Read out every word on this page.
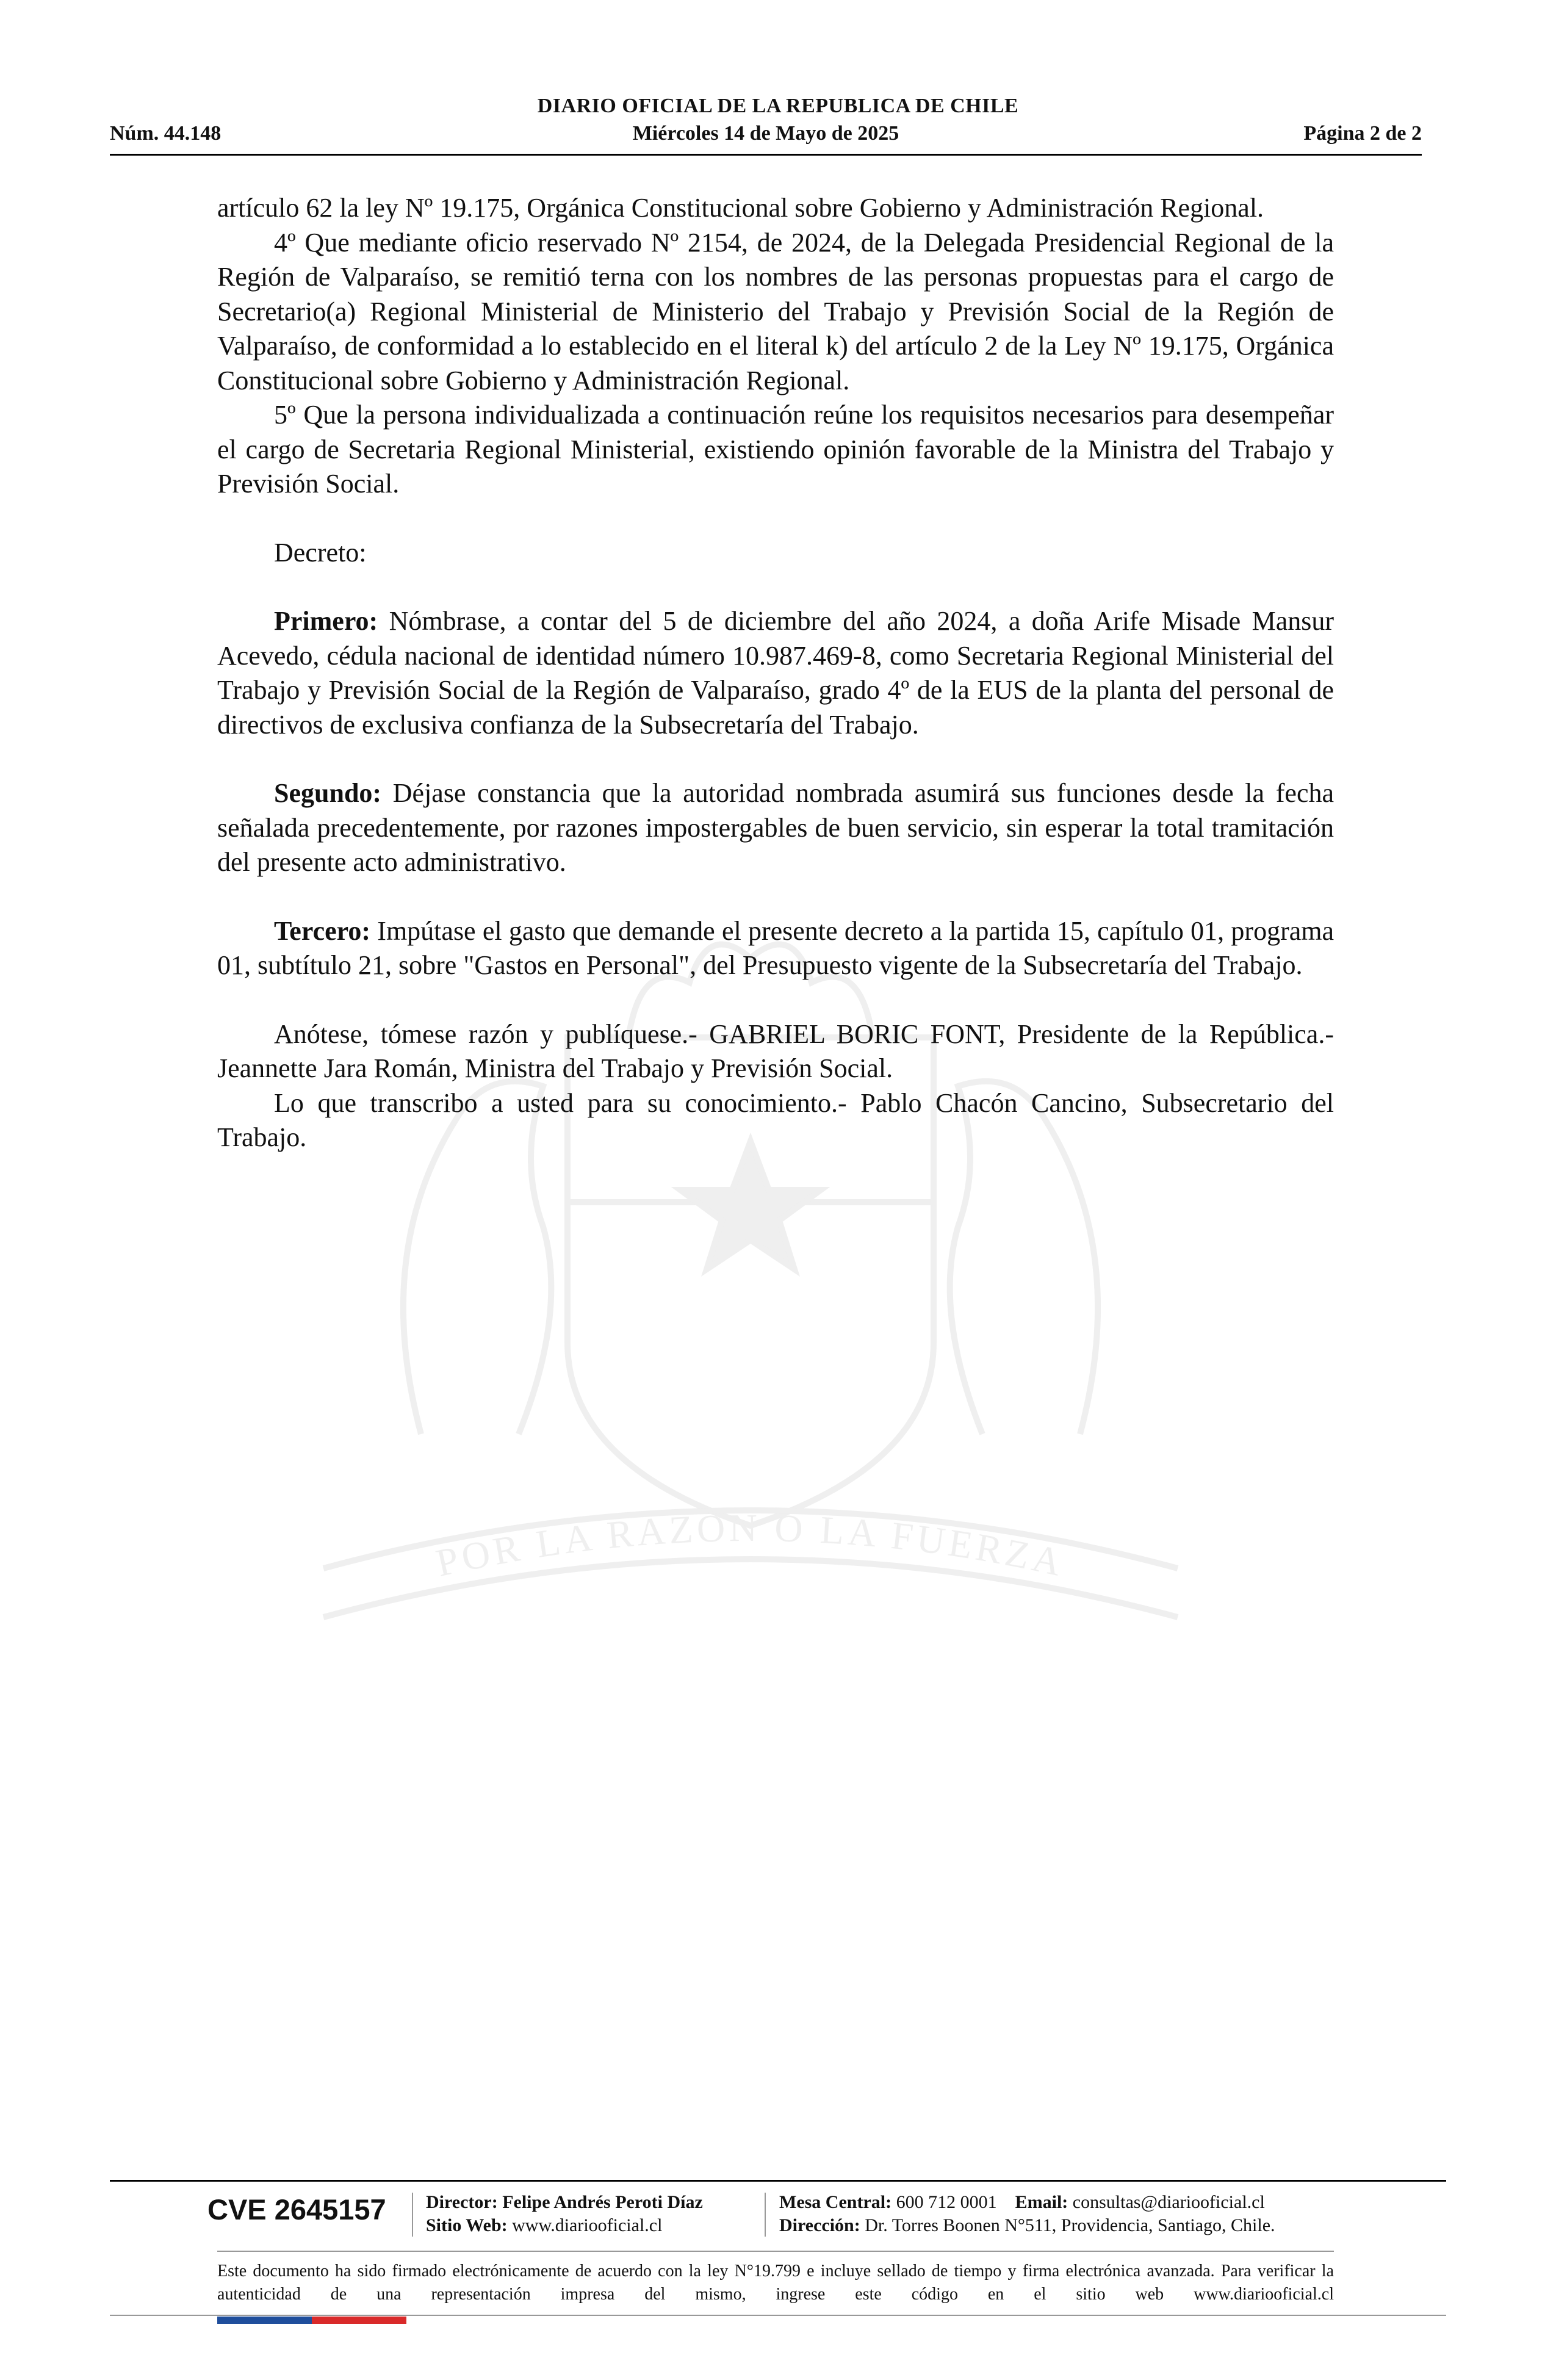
DIARIO OFICIAL DE LA REPUBLICA DE CHILE
Miércoles 14 de Mayo de 2025
Núm. 44.148	Página 2 de 2
POR LA RAZÓN O LA FUERZA

artículo 62 la ley Nº 19.175, Orgánica Constitucional sobre Gobierno y Administración Regional.

4º Que mediante oficio reservado Nº 2154, de 2024, de la Delegada Presidencial Regional de la Región de Valparaíso, se remitió terna con los nombres de las personas propuestas para el cargo de Secretario(a) Regional Ministerial de Ministerio del Trabajo y Previsión Social de la Región de Valparaíso, de conformidad a lo establecido en el literal k) del artículo 2 de la Ley Nº 19.175, Orgánica Constitucional sobre Gobierno y Administración Regional.

5º Que la persona individualizada a continuación reúne los requisitos necesarios para desempeñar el cargo de Secretaria Regional Ministerial, existiendo opinión favorable de la Ministra del Trabajo y Previsión Social.

Decreto:

Primero: Nómbrase, a contar del 5 de diciembre del año 2024, a doña Arife Misade Mansur Acevedo, cédula nacional de identidad número 10.987.469-8, como Secretaria Regional Ministerial del Trabajo y Previsión Social de la Región de Valparaíso, grado 4º de la EUS de la planta del personal de directivos de exclusiva confianza de la Subsecretaría del Trabajo.

Segundo: Déjase constancia que la autoridad nombrada asumirá sus funciones desde la fecha señalada precedentemente, por razones impostergables de buen servicio, sin esperar la total tramitación del presente acto administrativo.

Tercero: Impútase el gasto que demande el presente decreto a la partida 15, capítulo 01, programa 01, subtítulo 21, sobre "Gastos en Personal", del Presupuesto vigente de la Subsecretaría del Trabajo.

Anótese, tómese razón y publíquese.- GABRIEL BORIC FONT, Presidente de la República.- Jeannette Jara Román, Ministra del Trabajo y Previsión Social.

Lo que transcribo a usted para su conocimiento.- Pablo Chacón Cancino, Subsecretario del Trabajo.

CVE 2645157 Director: Felipe Andrés Peroti Díaz
Sitio Web: www.diariooficial.cl
Mesa Central: 600 712 0001 Email: consultas@diariooficial.cl
Dirección: Dr. Torres Boonen N°511, Providencia, Santiago, Chile.
Este documento ha sido firmado electrónicamente de acuerdo con la ley N°19.799 e incluye sellado de tiempo y firma electrónica avanzada. Para verificar la autenticidad de una representación impresa del mismo, ingrese este código en el sitio web www.diariooficial.cl
